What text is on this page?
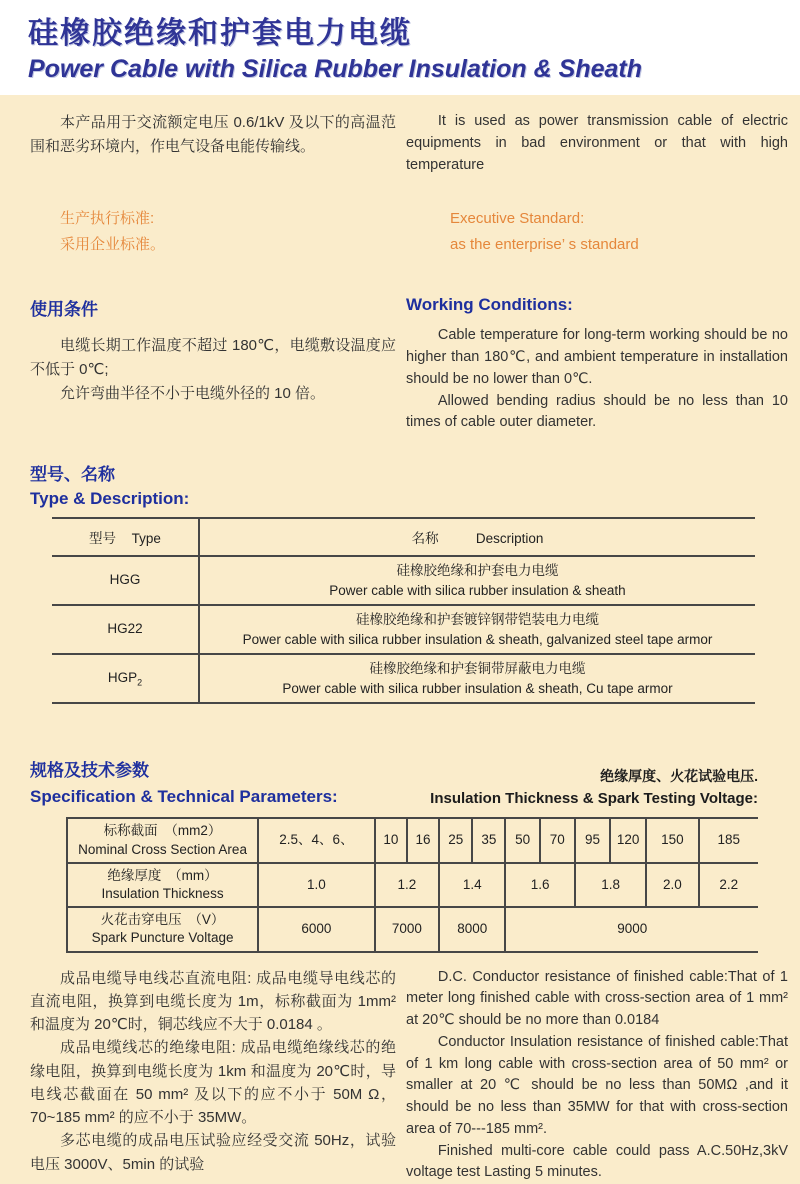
硅橡胶绝缘和护套电力电缆
Power Cable with Silica Rubber Insulation & Sheath

本产品用于交流额定电压 0.6/1kV 及以下的高温范围和恶劣环境内，作电气设备电能传输线。

It is used as power transmission cable of electric equipments in bad environment or that with high temperature

生产执行标准:

采用企业标准。

Executive Standard:

as the enterprise’ s standard

使用条件

电缆长期工作温度不超过 180℃，电缆敷设温度应不低于 0℃;

允许弯曲半径不小于电缆外径的 10 倍。

Working Conditions:

Cable temperature for long-term working should be no higher than 180℃, and ambient temperature in installation should be no lower than 0℃.

Allowed bending radius should be no less than 10 times of cable outer diameter.

型号、名称

Type & Description:

型号 Type	名称 Description
HGG	硅橡胶绝缘和护套电力电缆
Power cable with silica rubber insulation & sheath

HG22	硅橡胶绝缘和护套镀锌钢带铠装电力电缆
Power cable with silica rubber insulation & sheath, galvanized steel tape armor

$HGP_2$	硅橡胶绝缘和护套铜带屏蔽电力电缆
Power cable with silica rubber insulation & sheath, Cu tape armor

规格及技术参数

Specification & Technical Parameters:

绝缘厚度、火花试验电压.

Insulation Thickness & Spark Testing Voltage:

标称截面　（mm2）
Nominal Cross Section Area	2.5、4、6、	10	16	25	35	50	70	95	120	150	185

绝缘厚度　（mm）
Insulation Thickness	1.0	1.2		1.4		1.6		1.8		2.0	2.2

火花击穿电压　（V）
Spark Puncture Voltage	6000	7000		8000		9000					

成品电缆导电线芯直流电阻: 成品电缆导电线芯的直流电阻，换算到电缆长度为 1m，标称截面为 1mm² 和温度为 20℃时，铜芯线应不大于 0.0184 。

成品电缆线芯的绝缘电阻: 成品电缆绝缘线芯的绝缘电阻，换算到电缆长度为 1km 和温度为 20℃时，导电线芯截面在 50 mm² 及以下的应不小于 50M Ω，70~185 mm² 的应不小于 35MW。

多芯电缆的成品电压试验应经受交流 50Hz，试验电压 3000V、5min 的试验

D.C. Conductor resistance of finished cable:That of 1 meter long finished cable with cross-section area of 1 mm² at 20℃ should be no more than 0.0184

Conductor Insulation resistance of finished cable:That of 1 km long cable with cross-section area of 50 mm² or smaller at 20 ℃ should be no less than 50MΩ ,and it should be no less than 35MW for that with cross-section area of 70---185 mm².

Finished multi-core cable could pass A.C.50Hz,3kV voltage test Lasting 5 minutes.
